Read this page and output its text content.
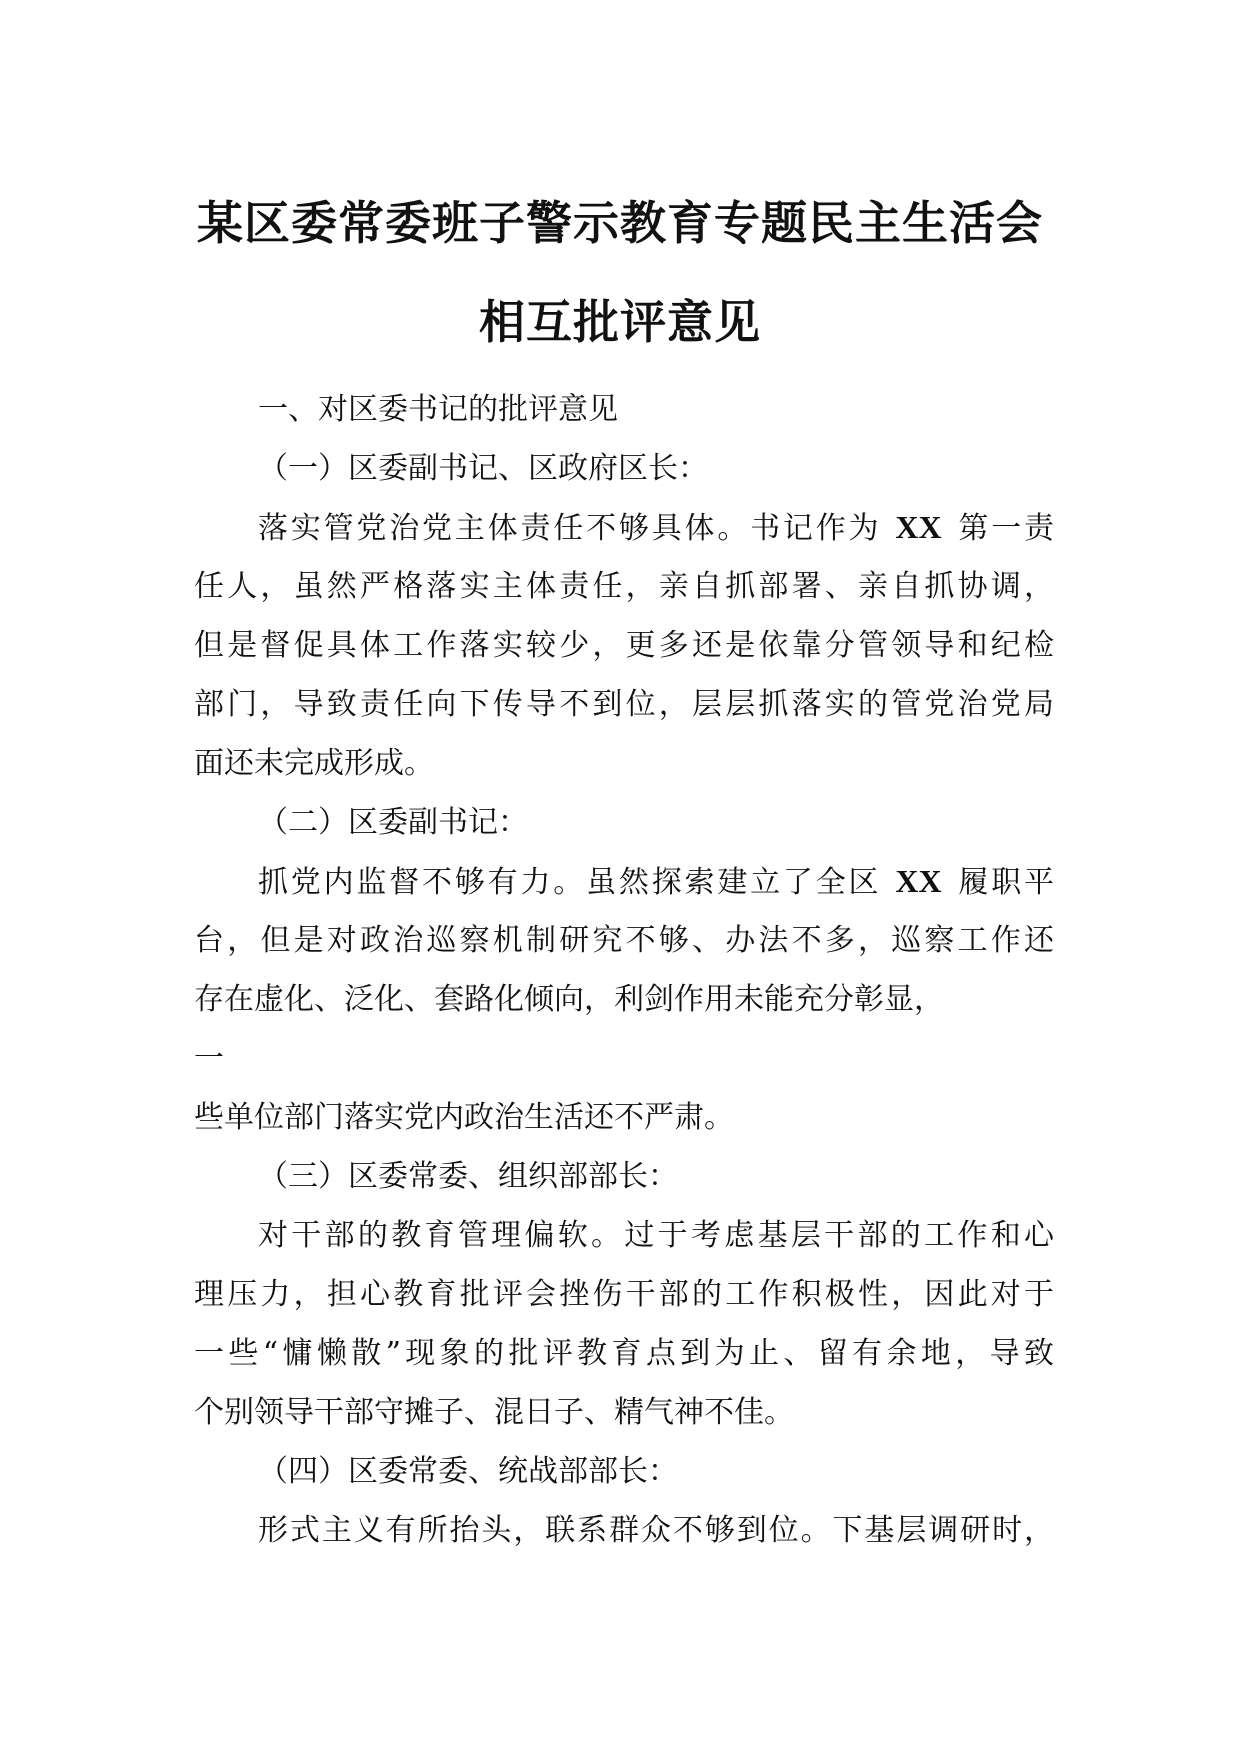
某区委常委班子警示教育专题民主生活会
相互批评意见
一、对区委书记的批评意见
（一）区委副书记、区政府区长：
落实管党治党主体责任不够具体。书记作为 XX 第一责
任人，虽然严格落实主体责任，亲自抓部署、亲自抓协调，
但是督促具体工作落实较少，更多还是依靠分管领导和纪检
部门，导致责任向下传导不到位，层层抓落实的管党治党局
面还未完成形成。
（二）区委副书记：
抓党内监督不够有力。虽然探索建立了全区 XX 履职平
台，但是对政治巡察机制研究不够、办法不多，巡察工作还
存在虚化、泛化、套路化倾向，利剑作用未能充分彰显，
一
些单位部门落实党内政治生活还不严肃。
（三）区委常委、组织部部长：
对干部的教育管理偏软。过于考虑基层干部的工作和心
理压力，担心教育批评会挫伤干部的工作积极性，因此对于
一些“慵懒散”现象的批评教育点到为止、留有余地，导致
个别领导干部守摊子、混日子、精气神不佳。
（四）区委常委、统战部部长：
形式主义有所抬头，联系群众不够到位。下基层调研时，
